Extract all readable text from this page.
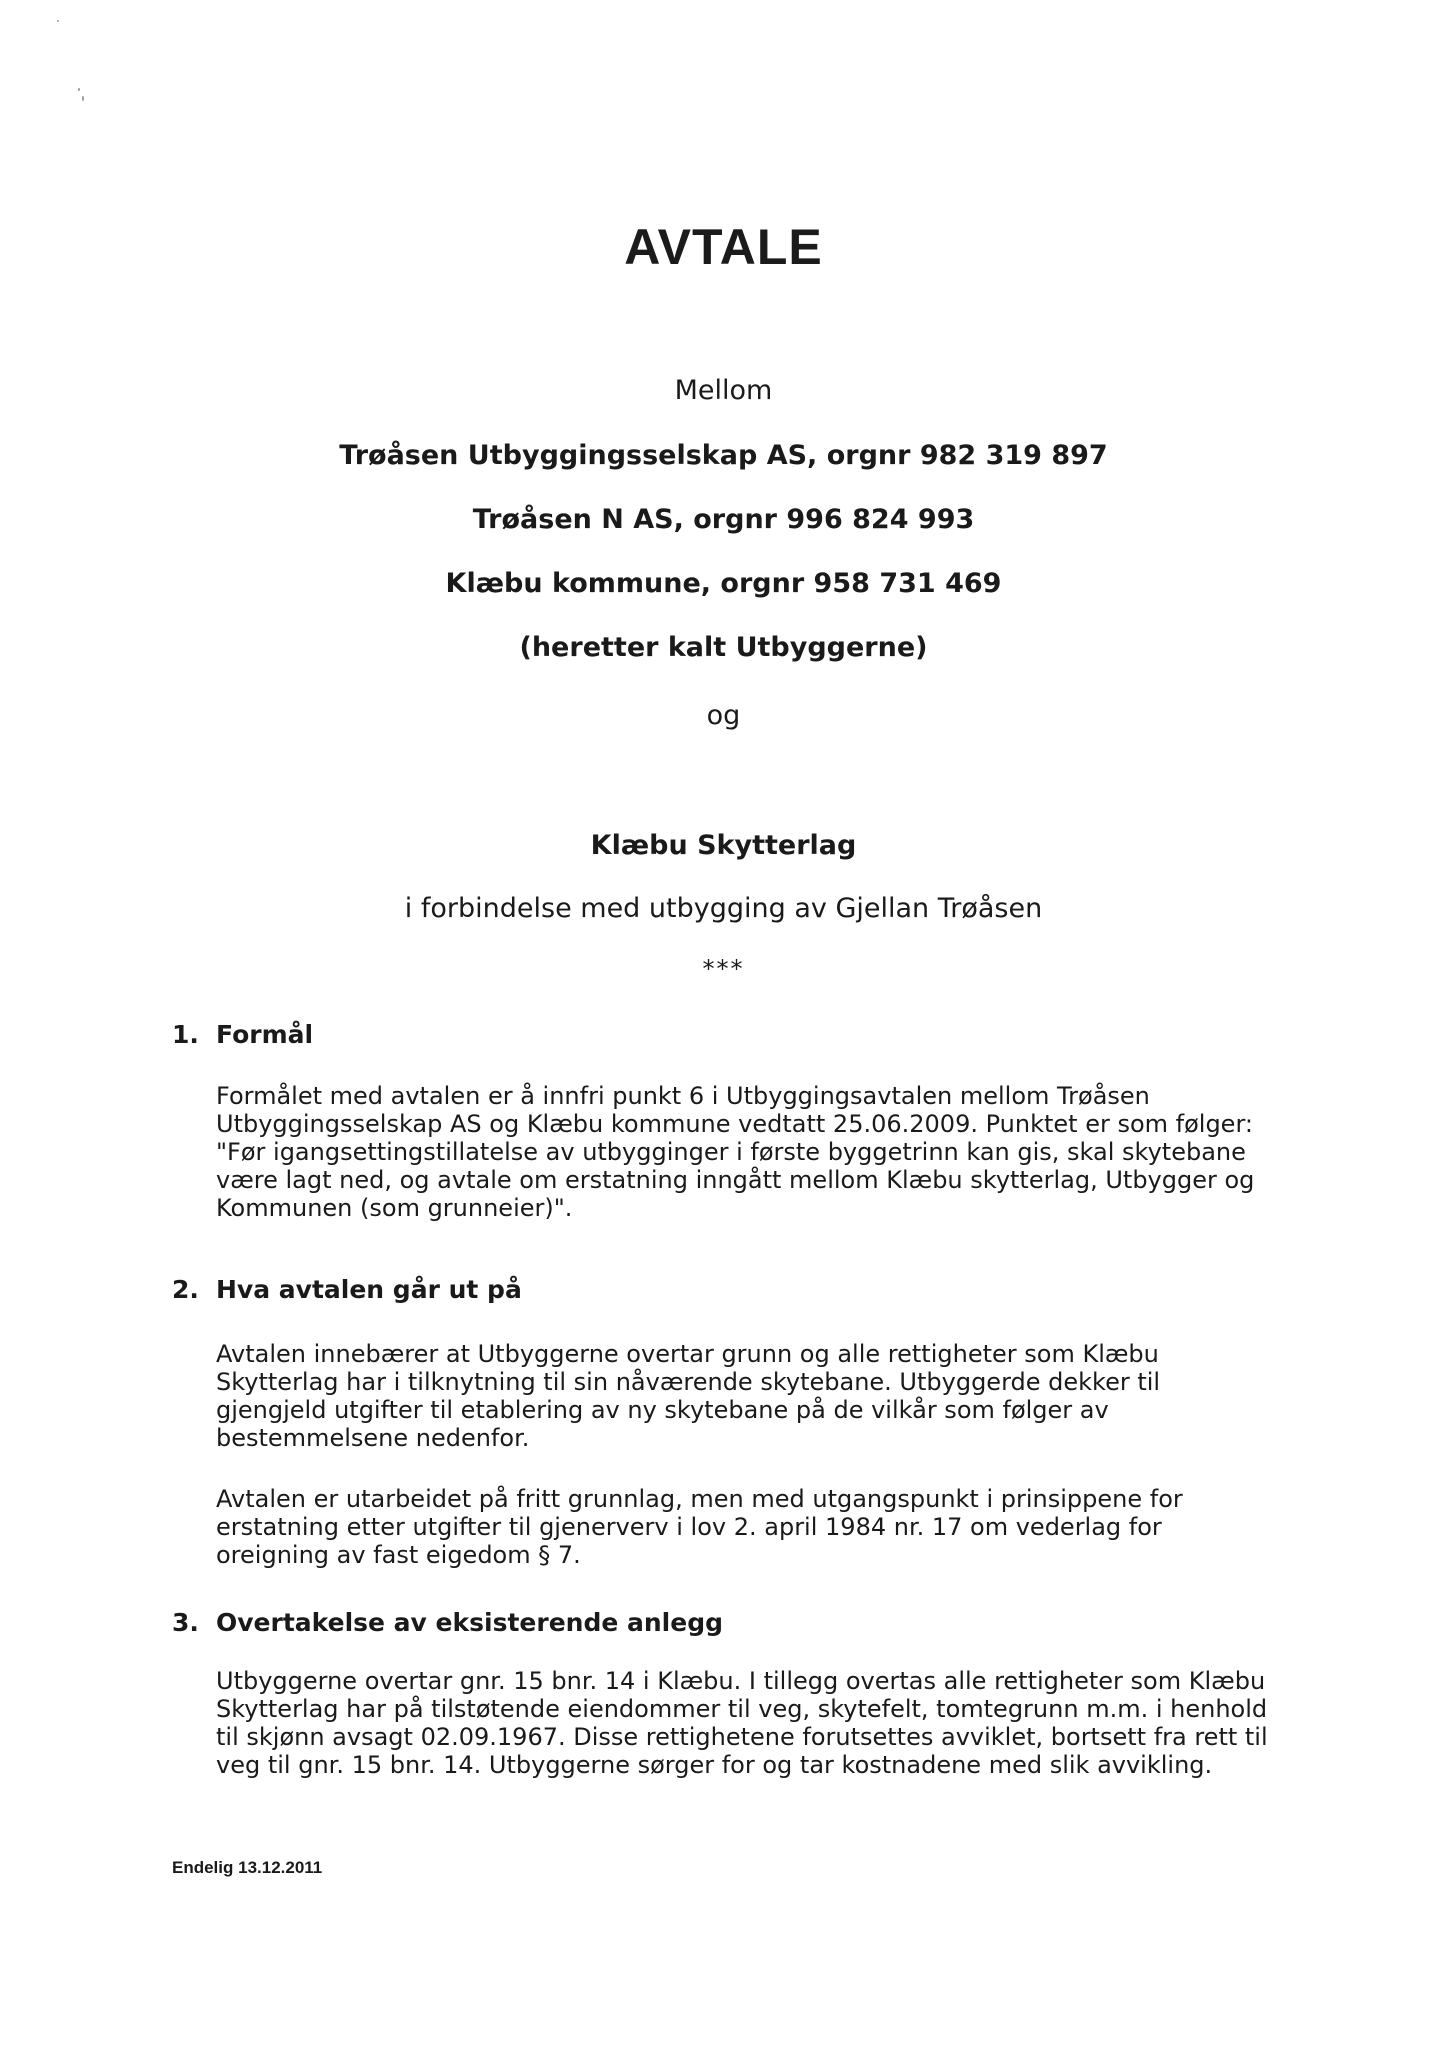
AVTALE
Mellom
Trøåsen Utbyggingsselskap AS, orgnr 982 319 897
Trøåsen N AS, orgnr 996 824 993
Klæbu kommune, orgnr 958 731 469
(heretter kalt Utbyggerne)
og
Klæbu Skytterlag
i forbindelse med utbygging av Gjellan Trøåsen
***
1. Formål
Formålet med avtalen er å innfri punkt 6 i Utbyggingsavtalen mellom Trøåsen Utbyggingsselskap AS og Klæbu kommune vedtatt 25.06.2009. Punktet er som følger: "Før igangsettingstillatelse av utbygginger i første byggetrinn kan gis, skal skytebane være lagt ned, og avtale om erstatning inngått mellom Klæbu skytterlag, Utbygger og Kommunen (som grunneier)".
2. Hva avtalen går ut på
Avtalen innebærer at Utbyggerne overtar grunn og alle rettigheter som Klæbu Skytterlag har i tilknytning til sin nåværende skytebane. Utbyggerde dekker til gjengjeld utgifter til etablering av ny skytebane på de vilkår som følger av bestemmelsene nedenfor.
Avtalen er utarbeidet på fritt grunnlag, men med utgangspunkt i prinsippene for erstatning etter utgifter til gjenerverv i lov 2. april 1984 nr. 17 om vederlag for oreigning av fast eigedom § 7.
3. Overtakelse av eksisterende anlegg
Utbyggerne overtar gnr. 15 bnr. 14 i Klæbu. I tillegg overtas alle rettigheter som Klæbu Skytterlag har på tilstøtende eiendommer til veg, skytefelt, tomtegrunn m.m. i henhold til skjønn avsagt 02.09.1967. Disse rettighetene forutsettes avviklet, bortsett fra rett til veg til gnr. 15 bnr. 14. Utbyggerne sørger for og tar kostnadene med slik avvikling.
Endelig 13.12.2011
